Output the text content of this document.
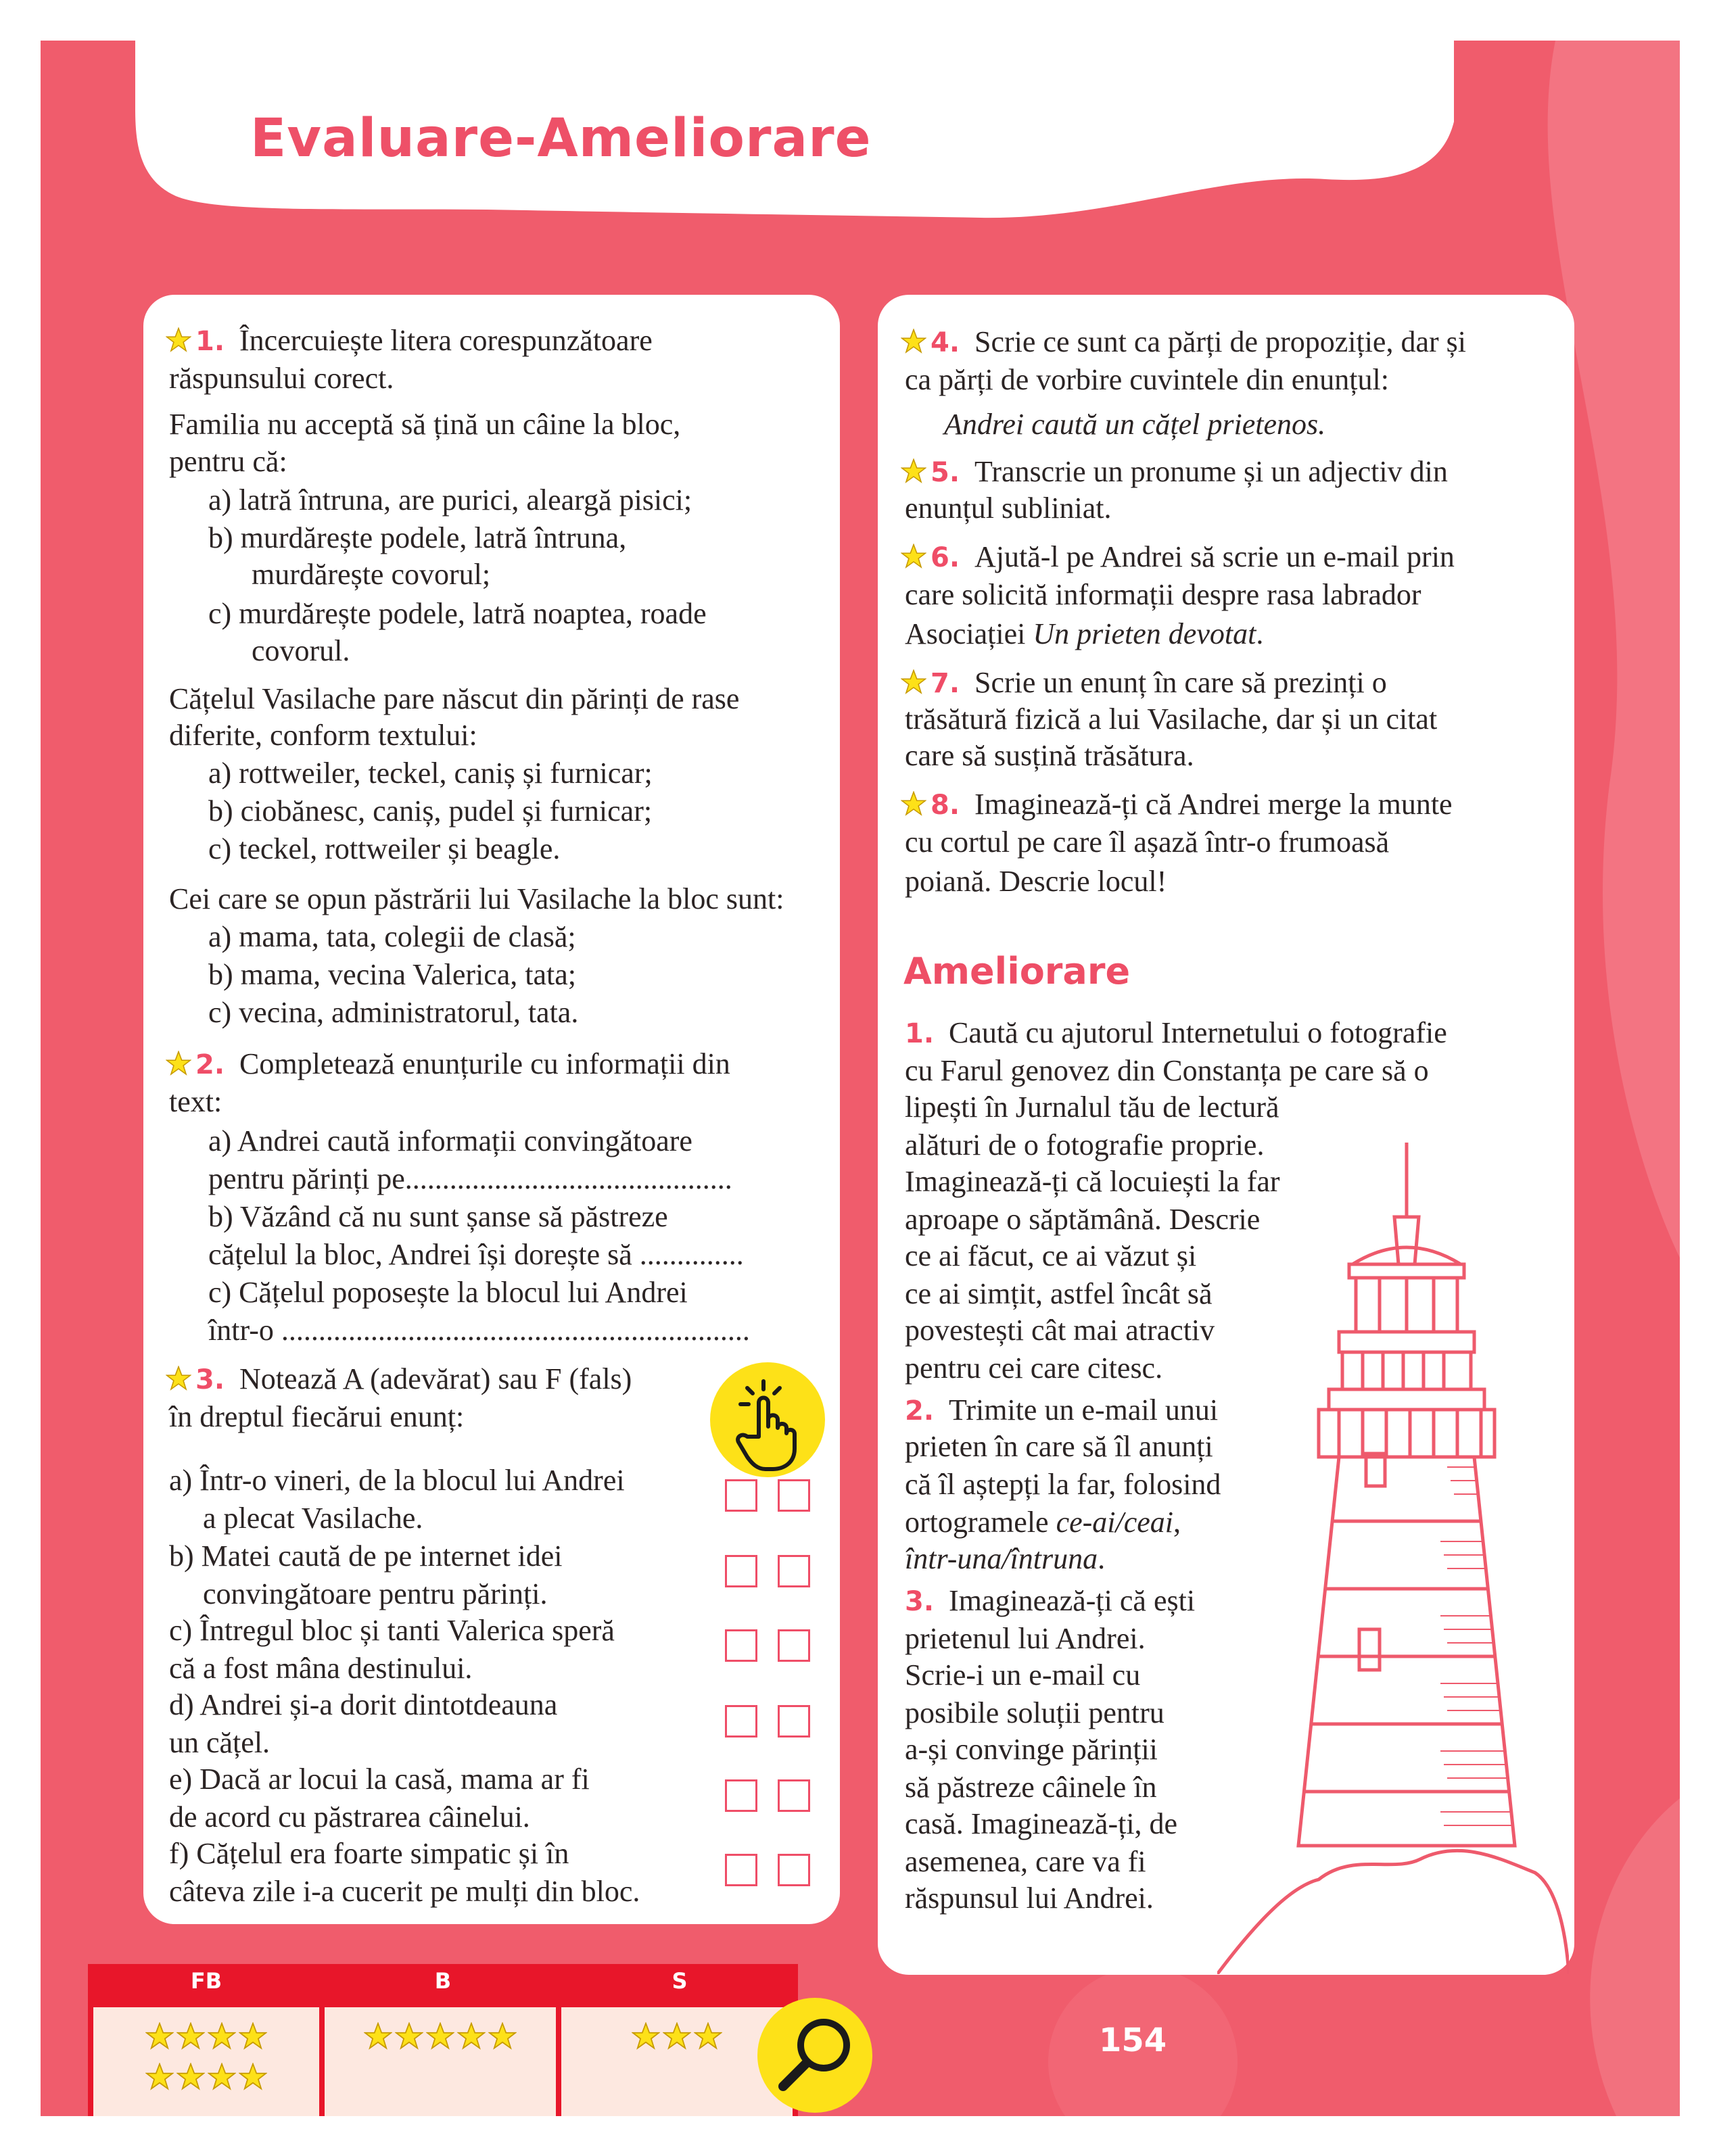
Evaluare-Ameliorare
1. Încercuiește litera corespunzătoare
răspunsului corect.
Familia nu acceptă să țină un câine la bloc,
pentru că:
a) latră întruna, are purici, aleargă pisici;
b) murdărește podele, latră întruna,
murdărește covorul;
c) murdărește podele, latră noaptea, roade
covorul.
Cățelul Vasilache pare născut din părinți de rase
diferite, conform textului:
a) rottweiler, teckel, caniș și furnicar;
b) ciobănesc, caniș, pudel și furnicar;
c) teckel, rottweiler și beagle.
Cei care se opun păstrării lui Vasilache la bloc sunt:
a) mama, tata, colegii de clasă;
b) mama, vecina Valerica, tata;
c) vecina, administratorul, tata.
2. Completează enunțurile cu informații din
text:
a) Andrei caută informații convingătoare
pentru părinți pe............................................
b) Văzând că nu sunt șanse să păstreze
cățelul la bloc, Andrei își dorește să ..............
c) Cățelul poposește la blocul lui Andrei
într-o ...............................................................
3. Notează A (adevărat) sau F (fals)
în dreptul fiecărui enunț:
a) Într-o vineri, de la blocul lui Andrei
a plecat Vasilache.
b) Matei caută de pe internet idei
convingătoare pentru părinți.
c) Întregul bloc și tanti Valerica speră
că a fost mâna destinului.
d) Andrei și-a dorit dintotdeauna
un cățel.
e) Dacă ar locui la casă, mama ar fi
de acord cu păstrarea câinelui.
f) Cățelul era foarte simpatic și în
câteva zile i-a cucerit pe mulți din bloc.
4. Scrie ce sunt ca părți de propoziție, dar și
ca părți de vorbire cuvintele din enunțul:
Andrei caută un cățel prietenos.
5. Transcrie un pronume și un adjectiv din
enunțul subliniat.
6. Ajută-l pe Andrei să scrie un e-mail prin
care solicită informații despre rasa labrador
Asociației Un prieten devotat.
7. Scrie un enunț în care să prezinți o
trăsătură fizică a lui Vasilache, dar și un citat
care să susțină trăsătura.
8. Imaginează-ți că Andrei merge la munte
cu cortul pe care îl așază într-o frumoasă
poiană. Descrie locul!
Ameliorare
1. Caută cu ajutorul Internetului o fotografie
cu Farul genovez din Constanța pe care să o
lipești în Jurnalul tău de lectură
alături de o fotografie proprie.
Imaginează-ți că locuiești la far
aproape o săptămână. Descrie
ce ai făcut, ce ai văzut și
ce ai simțit, astfel încât să
povestești cât mai atractiv
pentru cei care citesc.
2. Trimite un e-mail unui
prieten în care să îl anunți
că îl aștepți la far, folosind
ortogramele ce-ai/ceai,
într-una/întruna.
3. Imaginează-ți că ești
prietenul lui Andrei.
Scrie-i un e-mail cu
posibile soluții pentru
a-și convinge părinții
să păstreze câinele în
casă. Imaginează-ți, de
asemenea, care va fi
răspunsul lui Andrei.
FB	B	S
154
